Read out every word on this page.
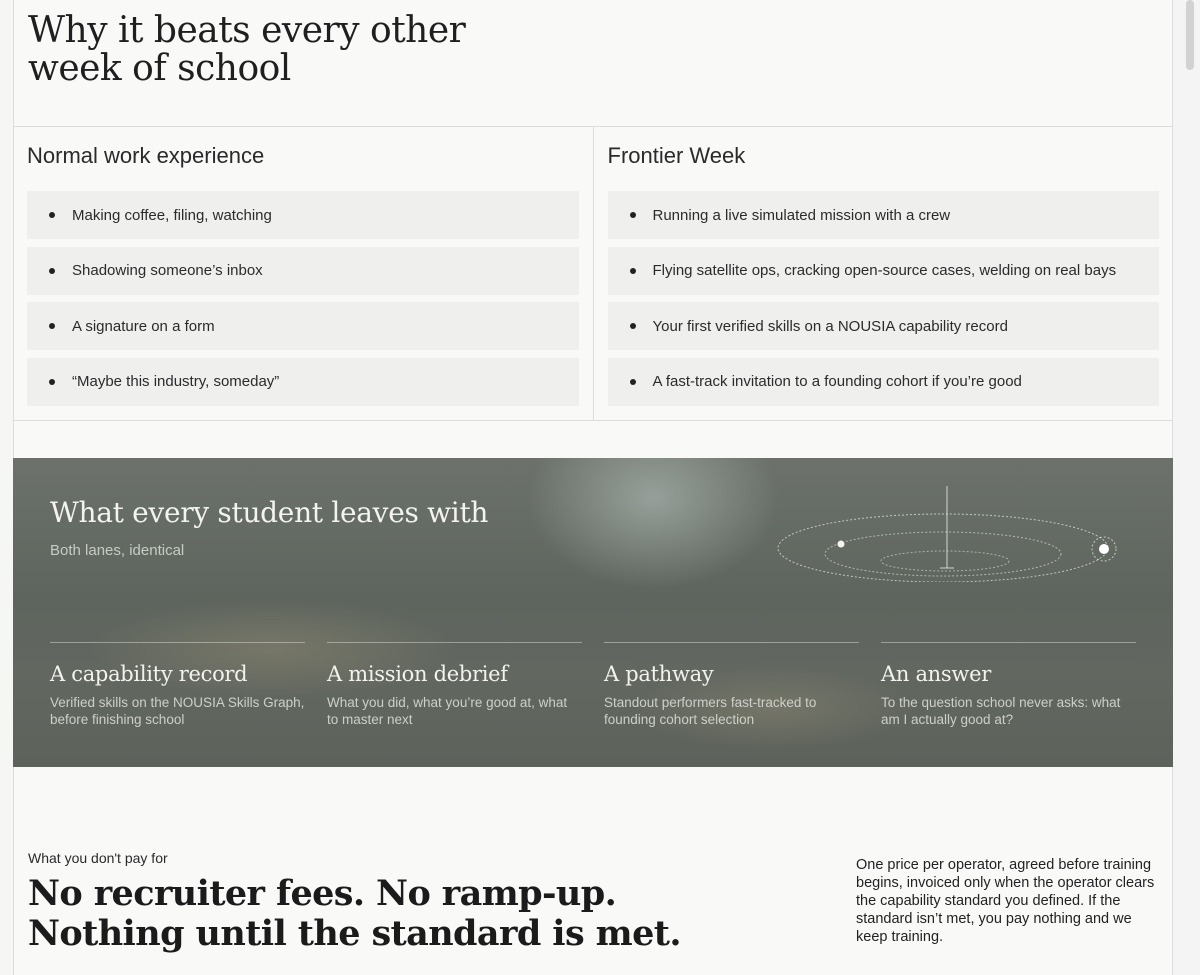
Why it beats every other
week of school
Normal work experience
Making coffee, filing, watching
Shadowing someone’s inbox
A signature on a form
“Maybe this industry, someday”
Frontier Week
Running a live simulated mission with a crew
Flying satellite ops, cracking open-source cases, welding on real bays
Your first verified skills on a NOUSIA capability record
A fast-track invitation to a founding cohort if you’re good
What every student leaves with
Both lanes, identical
A capability record
Verified skills on the NOUSIA Skills Graph, before finishing school
A mission debrief
What you did, what you’re good at, what to master next
A pathway
Standout performers fast-tracked to founding cohort selection
An answer
To the question school never asks: what am I actually good at?
What you don't pay for
No recruiter fees. No ramp-up.
Nothing until the standard is met.

One price per operator, agreed before training begins, invoiced only when the operator clears the capability standard you defined. If the standard isn’t met, you pay nothing and we keep training.
